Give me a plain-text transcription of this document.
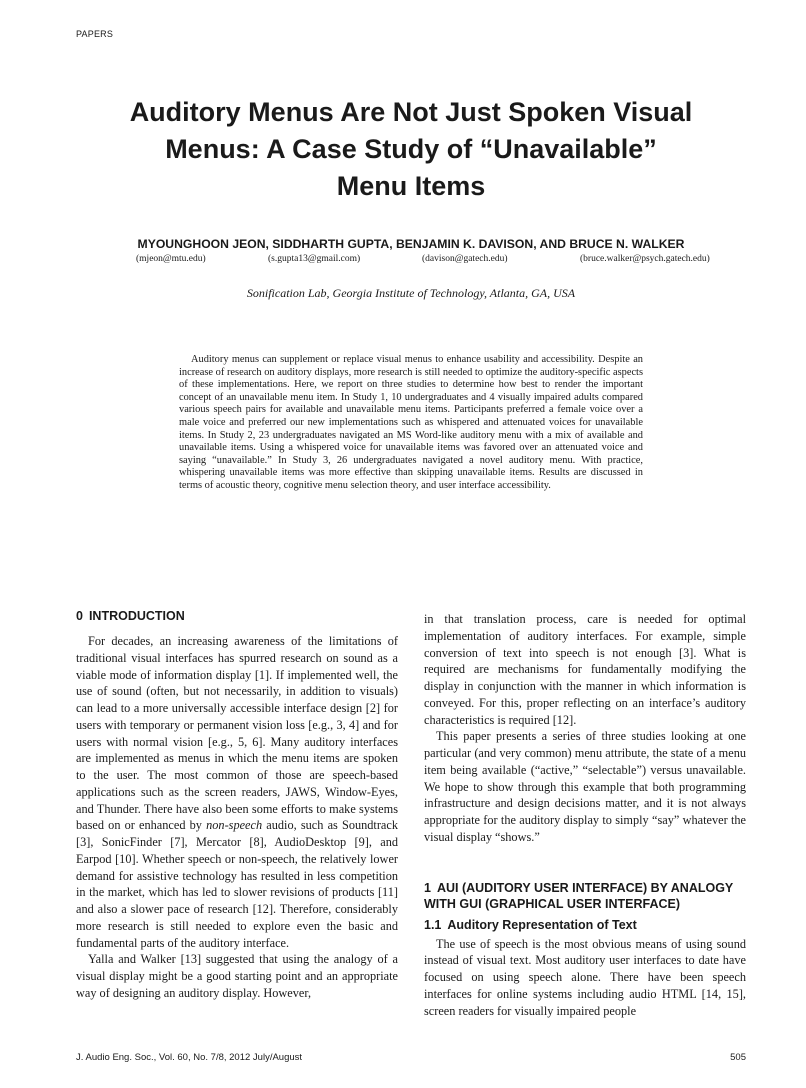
PAPERS
Auditory Menus Are Not Just Spoken Visual
Menus: A Case Study of “Unavailable”
Menu Items
MYOUNGHOON JEON, SIDDHARTH GUPTA, BENJAMIN K. DAVISON, AND BRUCE N. WALKER
(mjeon@mtu.edu)	(s.gupta13@gmail.com)	(davison@gatech.edu)	(bruce.walker@psych.gatech.edu)
Sonification Lab, Georgia Institute of Technology, Atlanta, GA, USA

Auditory menus can supplement or replace visual menus to enhance usability and accessibility. Despite an increase of research on auditory displays, more research is still needed to optimize the auditory-specific aspects of these implementations. Here, we report on three studies to determine how best to render the important concept of an unavailable menu item. In Study 1, 10 undergraduates and 4 visually impaired adults compared various speech pairs for available and unavailable menu items. Participants preferred a female voice over a male voice and preferred our new implementations such as whispered and attenuated voices for unavailable items. In Study 2, 23 undergraduates navigated an MS Word-like auditory menu with a mix of available and unavailable items. Using a whispered voice for unavailable items was favored over an attenuated voice and saying “unavailable.” In Study 3, 26 undergraduates navigated a novel auditory menu. With practice, whispering unavailable items was more effective than skipping unavailable items. Results are discussed in terms of acoustic theory, cognitive menu selection theory, and user interface accessibility.

0 INTRODUCTION

For decades, an increasing awareness of the limitations of traditional visual interfaces has spurred research on sound as a viable mode of information display [1]. If implemented well, the use of sound (often, but not necessarily, in addition to visuals) can lead to a more universally accessible interface design [2] for users with temporary or permanent vision loss [e.g., 3, 4] and for users with normal vision [e.g., 5, 6]. Many auditory interfaces are implemented as menus in which the menu items are spoken to the user. The most common of those are speech-based applications such as the screen readers, JAWS, Window-Eyes, and Thunder. There have also been some efforts to make systems based on or enhanced by non-speech audio, such as Soundtrack [3], SonicFinder [7], Mercator [8], AudioDesktop [9], and Earpod [10]. Whether speech or non-speech, the relatively lower demand for assistive technology has resulted in less competition in the market, which has led to slower revisions of products [11] and also a slower pace of research [12]. Therefore, considerably more research is still needed to explore even the basic and fundamental parts of the auditory interface.

Yalla and Walker [13] suggested that using the analogy of a visual display might be a good starting point and an appropriate way of designing an auditory display. However,

in that translation process, care is needed for optimal implementation of auditory interfaces. For example, simple conversion of text into speech is not enough [3]. What is required are mechanisms for fundamentally modifying the display in conjunction with the manner in which information is conveyed. For this, proper reflecting on an interface’s auditory characteristics is required [12].

This paper presents a series of three studies looking at one particular (and very common) menu attribute, the state of a menu item being available (“active,” “selectable”) versus unavailable. We hope to show through this example that both programming infrastructure and design decisions matter, and it is not always appropriate for the auditory display to simply “say” whatever the visual display “shows.”

1 AUI (AUDITORY USER INTERFACE) BY ANALOGY WITH GUI (GRAPHICAL USER INTERFACE)
1.1 Auditory Representation of Text

The use of speech is the most obvious means of using sound instead of visual text. Most auditory user interfaces to date have focused on using speech alone. There have been speech interfaces for online systems including audio HTML [14, 15], screen readers for visually impaired people

J. Audio Eng. Soc., Vol. 60, No. 7/8, 2012 July/August	505
